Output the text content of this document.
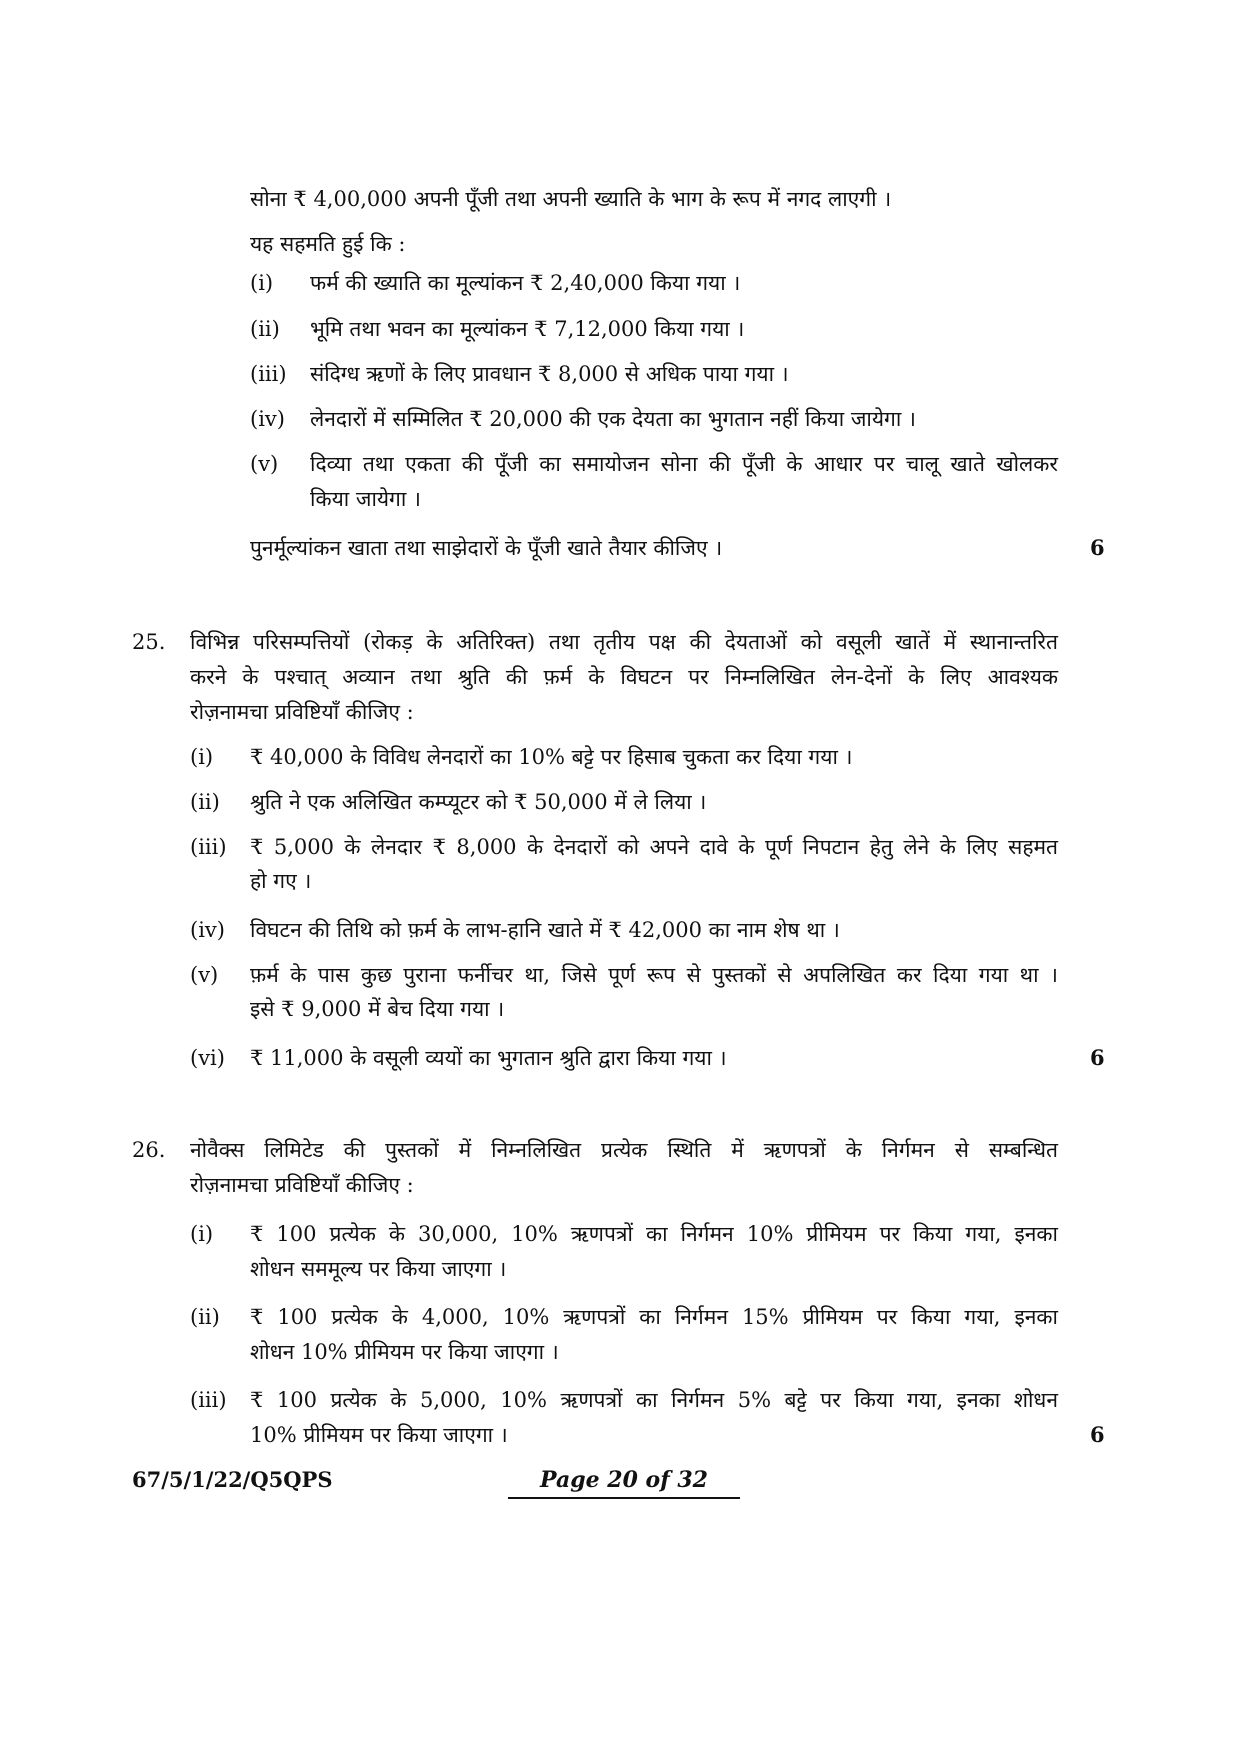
सोना ₹ 4,00,000 अपनी पूँजी तथा अपनी ख्याति के भाग के रूप में नगद लाएगी ।
यह सहमति हुई कि :
(i) फर्म की ख्याति का मूल्यांकन ₹ 2,40,000 किया गया ।
(ii) भूमि तथा भवन का मूल्यांकन ₹ 7,12,000 किया गया ।
(iii) संदिग्ध ऋणों के लिए प्रावधान ₹ 8,000 से अधिक पाया गया ।
(iv) लेनदारों में सम्मिलित ₹ 20,000 की एक देयता का भुगतान नहीं किया जायेगा ।
(v) दिव्या तथा एकता की पूँजी का समायोजन सोना की पूँजी के आधार पर चालू खाते खोलकर
किया जायेगा ।
पुनर्मूल्यांकन खाता तथा साझेदारों के पूँजी खाते तैयार कीजिए ।	6
25. विभिन्न परिसम्पत्तियों (रोकड़ के अतिरिक्त) तथा तृतीय पक्ष की देयताओं को वसूली खातें में स्थानान्तरित
करने के पश्चात् अव्यान तथा श्रुति की फ़र्म के विघटन पर निम्नलिखित लेन-देनों के लिए आवश्यक
रोज़नामचा प्रविष्टियाँ कीजिए :
(i) ₹ 40,000 के विविध लेनदारों का 10% बट्टे पर हिसाब चुकता कर दिया गया ।
(ii) श्रुति ने एक अलिखित कम्प्यूटर को ₹ 50,000 में ले लिया ।
(iii) ₹ 5,000 के लेनदार ₹ 8,000 के देनदारों को अपने दावे के पूर्ण निपटान हेतु लेने के लिए सहमत
हो गए ।
(iv) विघटन की तिथि को फ़र्म के लाभ-हानि खाते में ₹ 42,000 का नाम शेष था ।
(v) फ़र्म के पास कुछ पुराना फर्नीचर था, जिसे पूर्ण रूप से पुस्तकों से अपलिखित कर दिया गया था ।
इसे ₹ 9,000 में बेच दिया गया ।
(vi) ₹ 11,000 के वसूली व्ययों का भुगतान श्रुति द्वारा किया गया ।	6
26. नोवैक्स लिमिटेड की पुस्तकों में निम्नलिखित प्रत्येक स्थिति में ऋणपत्रों के निर्गमन से सम्बन्धित
रोज़नामचा प्रविष्टियाँ कीजिए :
(i) ₹ 100 प्रत्येक के 30,000, 10% ऋणपत्रों का निर्गमन 10% प्रीमियम पर किया गया, इनका
शोधन सममूल्य पर किया जाएगा ।
(ii) ₹ 100 प्रत्येक के 4,000, 10% ऋणपत्रों का निर्गमन 15% प्रीमियम पर किया गया, इनका
शोधन 10% प्रीमियम पर किया जाएगा ।
(iii) ₹ 100 प्रत्येक के 5,000, 10% ऋणपत्रों का निर्गमन 5% बट्टे पर किया गया, इनका शोधन
10% प्रीमियम पर किया जाएगा ।	6
67/5/1/22/Q5QPS	Page 20 of 32
